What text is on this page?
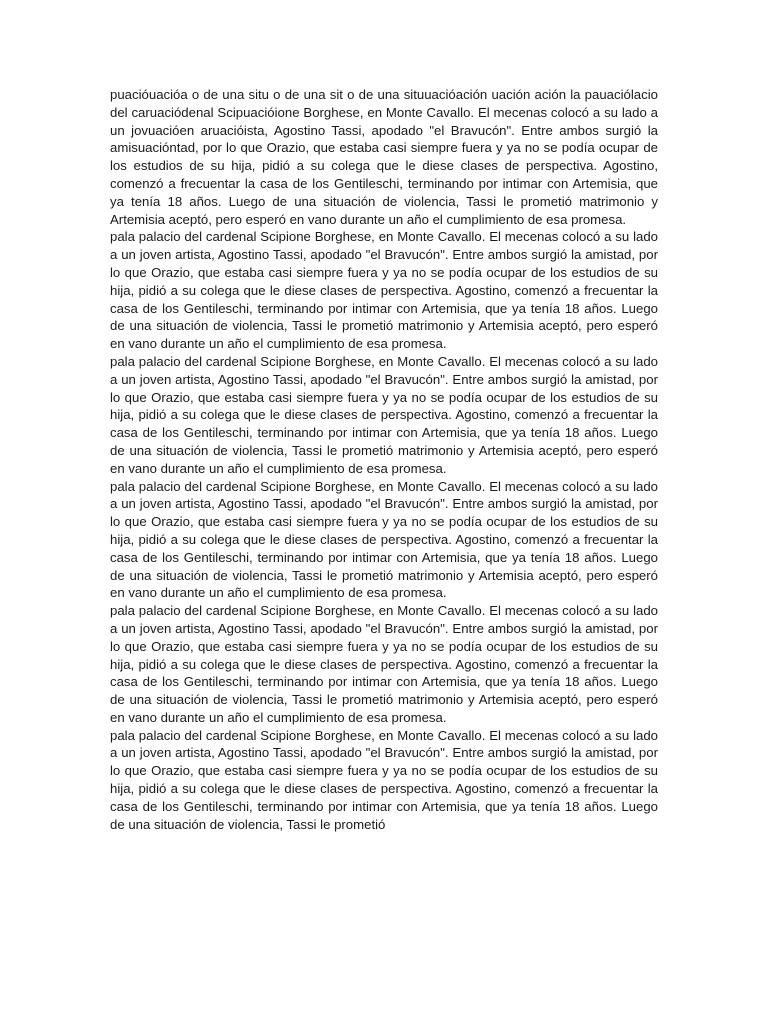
puacióuacióa o de una situ o de una sit o de una situuacióación uación ación la pauaciólacio del caruaciódenal Scipuacióione Borghese, en Monte Cavallo. El mecenas colocó a su lado a un jovuacióen aruacióista, Agostino Tassi, apodado "el Bravucón". Entre ambos surgió la amisuacióntad, por lo que Orazio, que estaba casi siempre fuera y ya no se podía ocupar de los estudios de su hija, pidió a su colega que le diese clases de perspectiva. Agostino, comenzó a frecuentar la casa de los Gentileschi, terminando por intimar con Artemisia, que ya tenía 18 años. Luego de una situación de violencia, Tassi le prometió matrimonio y Artemisia aceptó, pero esperó en vano durante un año el cumplimiento de esa promesa.

pala palacio del cardenal Scipione Borghese, en Monte Cavallo. El mecenas colocó a su lado a un joven artista, Agostino Tassi, apodado "el Bravucón". Entre ambos surgió la amistad, por lo que Orazio, que estaba casi siempre fuera y ya no se podía ocupar de los estudios de su hija, pidió a su colega que le diese clases de perspectiva. Agostino, comenzó a frecuentar la casa de los Gentileschi, terminando por intimar con Artemisia, que ya tenía 18 años. Luego de una situación de violencia, Tassi le prometió matrimonio y Artemisia aceptó, pero esperó en vano durante un año el cumplimiento de esa promesa.

pala palacio del cardenal Scipione Borghese, en Monte Cavallo. El mecenas colocó a su lado a un joven artista, Agostino Tassi, apodado "el Bravucón". Entre ambos surgió la amistad, por lo que Orazio, que estaba casi siempre fuera y ya no se podía ocupar de los estudios de su hija, pidió a su colega que le diese clases de perspectiva. Agostino, comenzó a frecuentar la casa de los Gentileschi, terminando por intimar con Artemisia, que ya tenía 18 años. Luego de una situación de violencia, Tassi le prometió matrimonio y Artemisia aceptó, pero esperó en vano durante un año el cumplimiento de esa promesa.

pala palacio del cardenal Scipione Borghese, en Monte Cavallo. El mecenas colocó a su lado a un joven artista, Agostino Tassi, apodado "el Bravucón". Entre ambos surgió la amistad, por lo que Orazio, que estaba casi siempre fuera y ya no se podía ocupar de los estudios de su hija, pidió a su colega que le diese clases de perspectiva. Agostino, comenzó a frecuentar la casa de los Gentileschi, terminando por intimar con Artemisia, que ya tenía 18 años. Luego de una situación de violencia, Tassi le prometió matrimonio y Artemisia aceptó, pero esperó en vano durante un año el cumplimiento de esa promesa.

pala palacio del cardenal Scipione Borghese, en Monte Cavallo. El mecenas colocó a su lado a un joven artista, Agostino Tassi, apodado "el Bravucón". Entre ambos surgió la amistad, por lo que Orazio, que estaba casi siempre fuera y ya no se podía ocupar de los estudios de su hija, pidió a su colega que le diese clases de perspectiva. Agostino, comenzó a frecuentar la casa de los Gentileschi, terminando por intimar con Artemisia, que ya tenía 18 años. Luego de una situación de violencia, Tassi le prometió matrimonio y Artemisia aceptó, pero esperó en vano durante un año el cumplimiento de esa promesa.

pala palacio del cardenal Scipione Borghese, en Monte Cavallo. El mecenas colocó a su lado a un joven artista, Agostino Tassi, apodado "el Bravucón". Entre ambos surgió la amistad, por lo que Orazio, que estaba casi siempre fuera y ya no se podía ocupar de los estudios de su hija, pidió a su colega que le diese clases de perspectiva. Agostino, comenzó a frecuentar la casa de los Gentileschi, terminando por intimar con Artemisia, que ya tenía 18 años. Luego de una situación de violencia, Tassi le prometió
